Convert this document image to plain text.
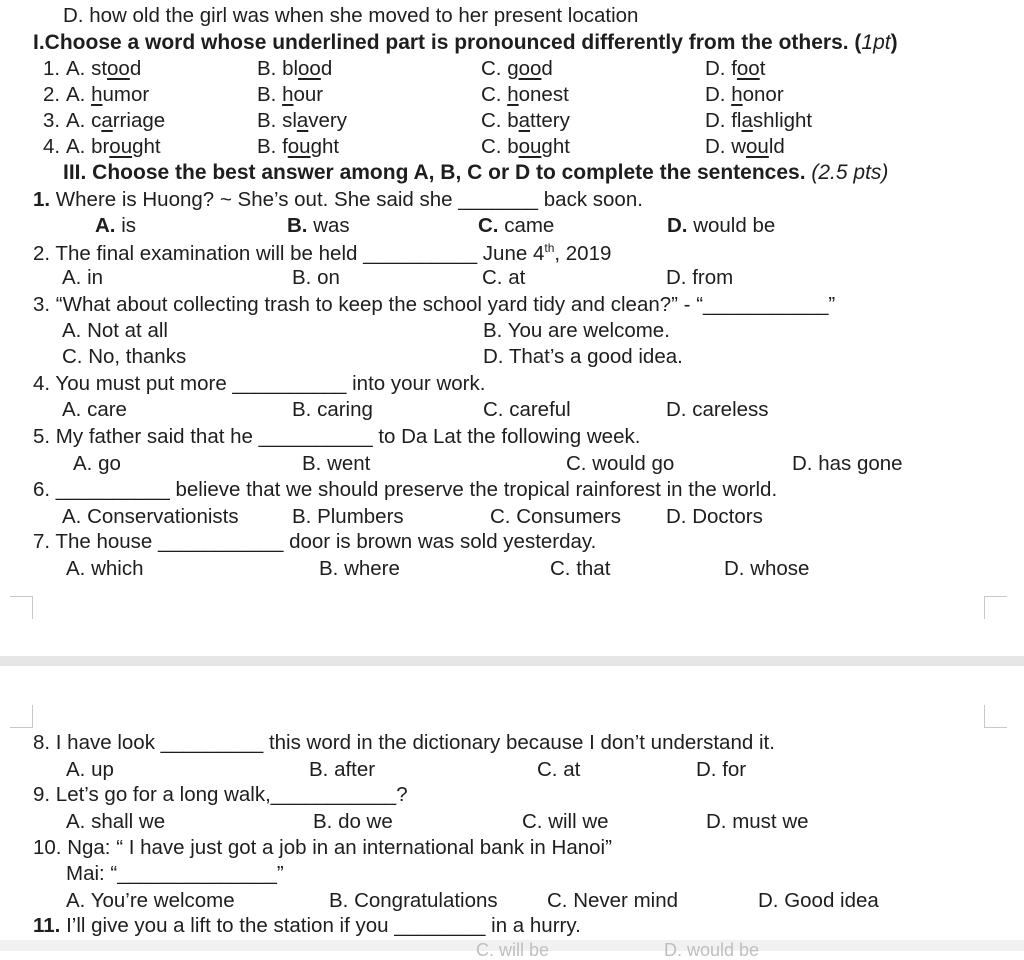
D. how old the girl was when she moved to her present location
I.Choose a word whose underlined part is pronounced differently from the others. (1pt)
1. A. stood	B. blood	C. good	D. foot
2. A. humor	B. hour	C. honest	D. honor
3. A. carriage	B. slavery	C. battery	D. flashlight
4. A. brought	B. fought	C. bought	D. would
III. Choose the best answer among A, B, C or D to complete the sentences. (2.5 pts)
1. Where is Huong? ~ She’s out. She said she _______ back soon.
A. is	B. was	C. came	D. would be
2. The final examination will be held __________ June 4th, 2019
A. in	B. on	C. at	D. from
3. “What about collecting trash to keep the school yard tidy and clean?” - “___________”
A. Not at all	B. You are welcome.
C. No, thanks	D. That’s a good idea.
4. You must put more __________ into your work.
A. care	B. caring	C. careful	D. careless
5. My father said that he __________ to Da Lat the following week.
A. go	B. went	C. would go	D. has gone
6. __________ believe that we should preserve the tropical rainforest in the world.
A. Conservationists	B. Plumbers	C. Consumers D. Doctors
7. The house ___________ door is brown was sold yesterday.
A. which	B. where	C. that	D. whose
8. I have look _________ this word in the dictionary because I don’t understand it.
A. up	B. after	C. at	D. for
9. Let’s go for a long walk,___________?
A. shall we	B. do we	C. will we	D. must we
10. Nga: “ I have just got a job in an international bank in Hanoi”
Mai: “______________”
A. You’re welcome	B. Congratulations C. Never mind	D. Good idea
11. I’ll give you a lift to the station if you ________ in a hurry.
C. will be	D. would be
